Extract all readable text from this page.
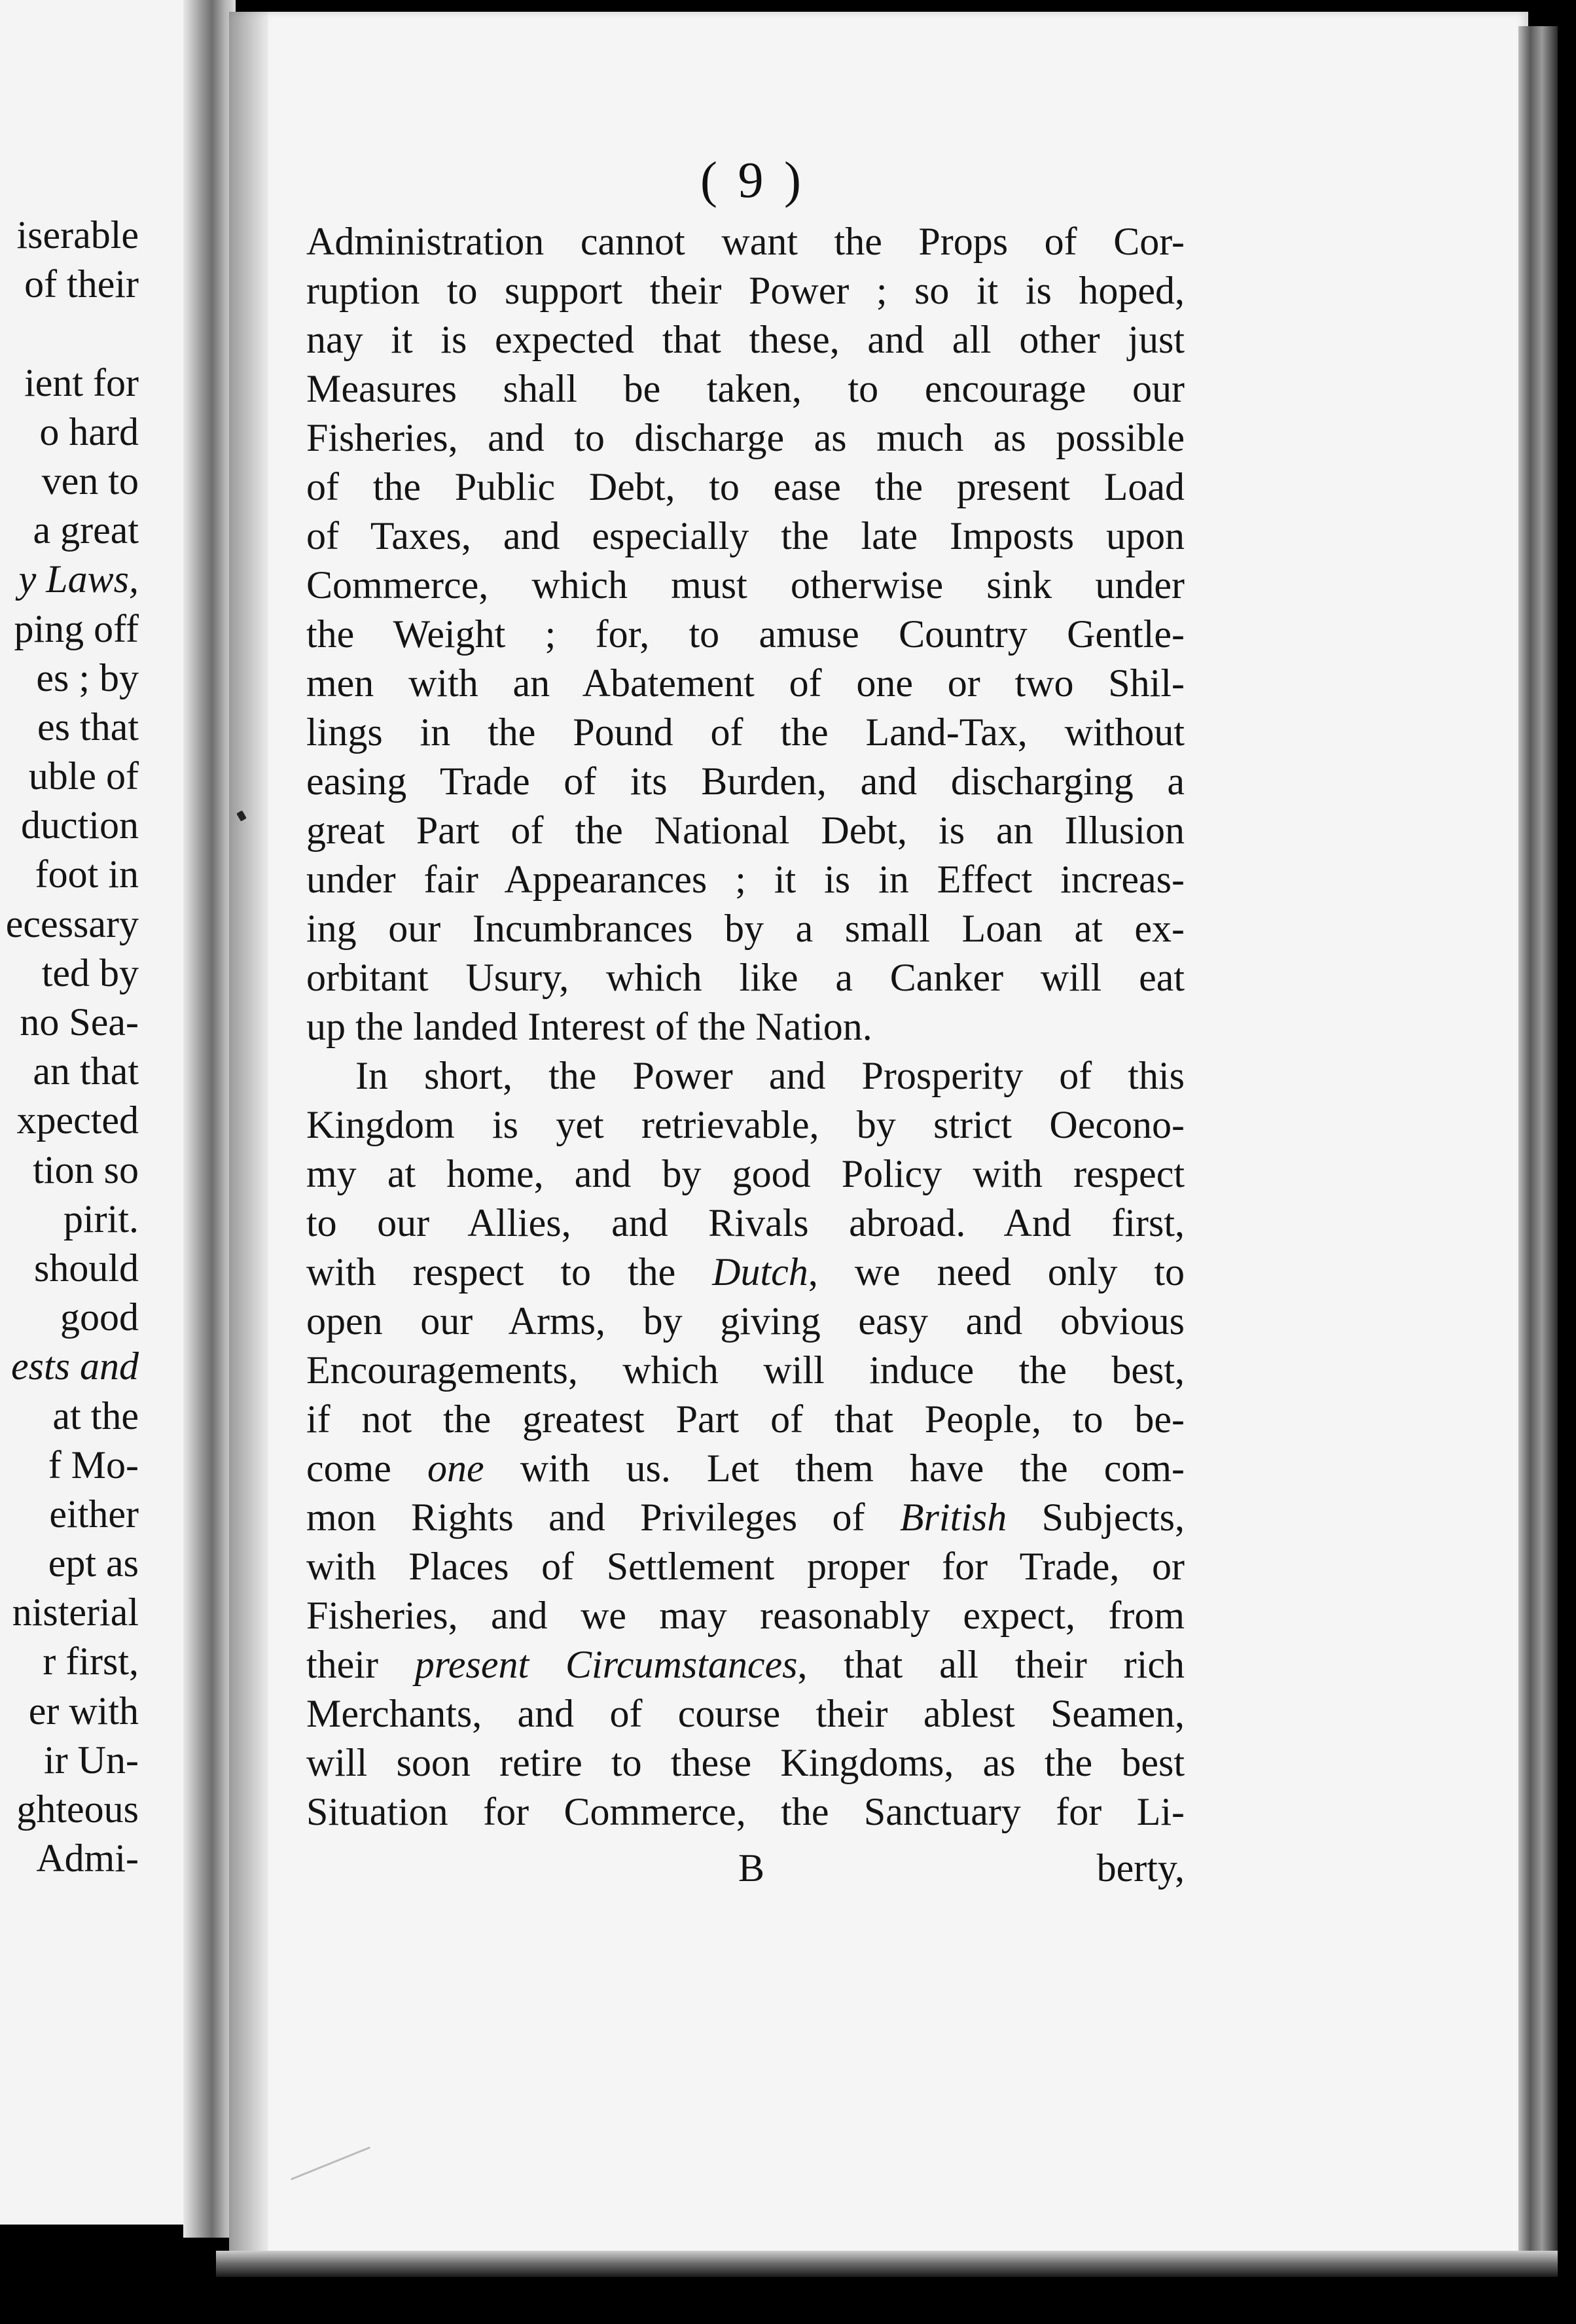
iserable
of their
ient for
o hard
ven to
a great
y Laws,
ping off
es ; by
es that
uble of
duction
foot in
ecessary
ted by
no Sea-
an that
xpected
tion so
pirit.
should
good
ests and
at the
f Mo-
either
ept as
nisterial
r first,
er with
ir Un-
ghteous
Admi-
( 9 )
Administration cannot want the Props of Cor-
ruption to support their Power ; so it is hoped,
nay it is expected that these, and all other just
Measures shall be taken, to encourage our
Fisheries, and to discharge as much as possible
of the Public Debt, to ease the present Load
of Taxes, and especially the late Imposts upon
Commerce, which must otherwise sink under
the Weight ; for, to amuse Country Gentle-
men with an Abatement of one or two Shil-
lings in the Pound of the Land-Tax, without
easing Trade of its Burden, and discharging a
great Part of the National Debt, is an Illusion
under fair Appearances ; it is in Effect increas-
ing our Incumbrances by a small Loan at ex-
orbitant Usury, which like a Canker will eat
up the landed Interest of the Nation.
In short, the Power and Prosperity of this
Kingdom is yet retrievable, by strict Oecono-
my at home, and by good Policy with respect
to our Allies, and Rivals abroad. And first,
with respect to the Dutch, we need only to
open our Arms, by giving easy and obvious
Encouragements, which will induce the best,
if not the greatest Part of that People, to be-
come one with us. Let them have the com-
mon Rights and Privileges of British Subjects,
with Places of Settlement proper for Trade, or
Fisheries, and we may reasonably expect, from
their present Circumstances, that all their rich
Merchants, and of course their ablest Seamen,
will soon retire to these Kingdoms, as the best
Situation for Commerce, the Sanctuary for Li-
B	berty,
